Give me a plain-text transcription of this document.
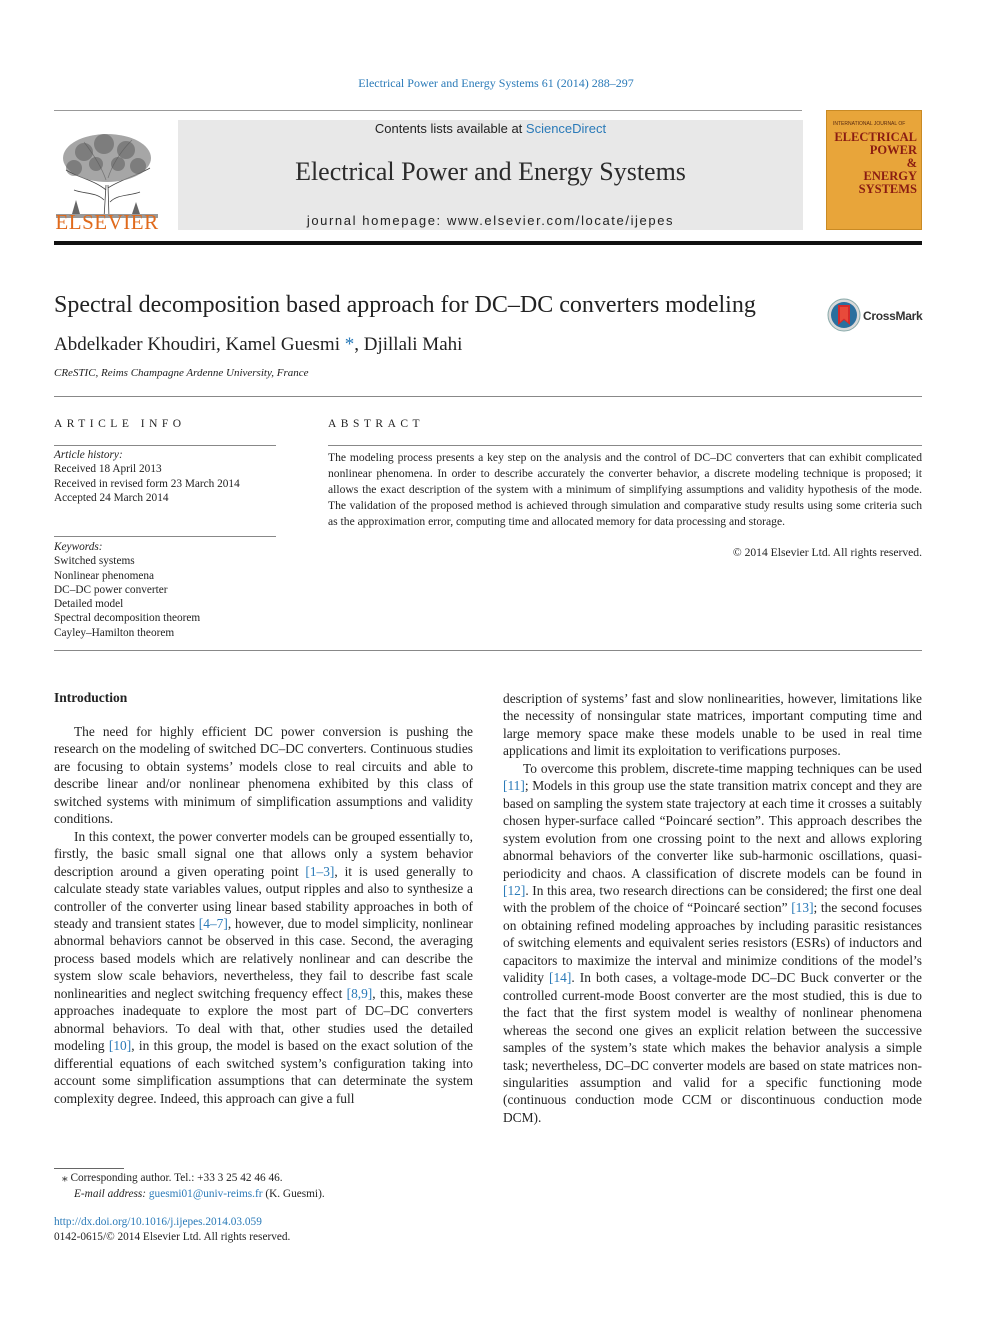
Electrical Power and Energy Systems 61 (2014) 288–297
ELSEVIER
Contents lists available at ScienceDirect
Electrical Power and Energy Systems
journal homepage: www.elsevier.com/locate/ijepes
INTERNATIONAL JOURNAL OF
ELECTRICAL
POWER
&
ENERGY
SYSTEMS
Spectral decomposition based approach for DC–DC converters modeling	CrossMark
Abdelkader Khoudiri, Kamel Guesmi *, Djillali Mahi
CReSTIC, Reims Champagne Ardenne University, France
ARTICLE INFO	ABSTRACT
Article history:
Received 18 April 2013
Received in revised form 23 March 2014
Accepted 24 March 2014
Keywords:
Switched systems
Nonlinear phenomena
DC–DC power converter
Detailed model
Spectral decomposition theorem
Cayley–Hamilton theorem
The modeling process presents a key step on the analysis and the control of DC–DC converters that can exhibit complicated nonlinear phenomena. In order to describe accurately the converter behavior, a discrete modeling technique is proposed; it allows the exact description of the system with a minimum of simplifying assumptions and validity hypothesis of the mode. The validation of the proposed method is achieved through simulation and comparative study results using some criteria such as the approximation error, computing time and allocated memory for data processing and storage.
© 2014 Elsevier Ltd. All rights reserved.
Introduction

The need for highly efficient DC power conversion is pushing the research on the modeling of switched DC–DC converters. Continuous studies are focusing to obtain systems’ models close to real circuits and able to describe linear and/or nonlinear phenomena exhibited by this class of switched systems with minimum of simplification assumptions and validity conditions.

In this context, the power converter models can be grouped essentially to, firstly, the basic small signal one that allows only a system behavior description around a given operating point [1–3], it is used generally to calculate steady state variables values, output ripples and also to synthesize a controller of the converter using linear based stability approaches in both of steady and transient states [4–7], however, due to model simplicity, nonlinear abnormal behaviors cannot be observed in this case. Second, the averaging process based models which are relatively nonlinear and can describe the system slow scale behaviors, nevertheless, they fail to describe fast scale nonlinearities and neglect switching frequency effect [8,9], this, makes these approaches inadequate to explore the most part of DC–DC converters abnormal behaviors. To deal with that, other studies used the detailed modeling [10], in this group, the model is based on the exact solution of the differential equations of each switched system’s configuration taking into account some simplification assumptions that can determinate the system complexity degree. Indeed, this approach can give a full

description of systems’ fast and slow nonlinearities, however, limitations like the necessity of nonsingular state matrices, important computing time and large memory space make these models unable to be used in real time applications and limit its exploitation to verifications purposes.

To overcome this problem, discrete-time mapping techniques can be used [11]; Models in this group use the state transition matrix concept and they are based on sampling the system state trajectory at each time it crosses a suitably chosen hyper-surface called “Poincaré section”. This approach describes the system evolution from one crossing point to the next and allows exploring abnormal behaviors of the converter like sub-harmonic oscillations, quasi-periodicity and chaos. A classification of discrete models can be found in [12]. In this area, two research directions can be considered; the first one deal with the problem of the choice of “Poincaré section” [13]; the second focuses on obtaining refined modeling approaches by including parasitic resistances of switching elements and equivalent series resistors (ESRs) of inductors and capacitors to maximize the interval and minimize conditions of the model’s validity [14]. In both cases, a voltage-mode DC–DC Buck converter or the controlled current-mode Boost converter are the most studied, this is due to the fact that the first system model is wealthy of nonlinear phenomena whereas the second one gives an explicit relation between the successive samples of the system’s state which makes the behavior analysis a simple task; nevertheless, DC–DC converter models are based on state matrices non-singularities assumption and valid for a specific functioning mode (continuous conduction mode CCM or discontinuous conduction mode DCM).

⁎ Corresponding author. Tel.: +33 3 25 42 46 46.
E-mail address: guesmi01@univ-reims.fr (K. Guesmi).
http://dx.doi.org/10.1016/j.ijepes.2014.03.059
0142-0615/© 2014 Elsevier Ltd. All rights reserved.
